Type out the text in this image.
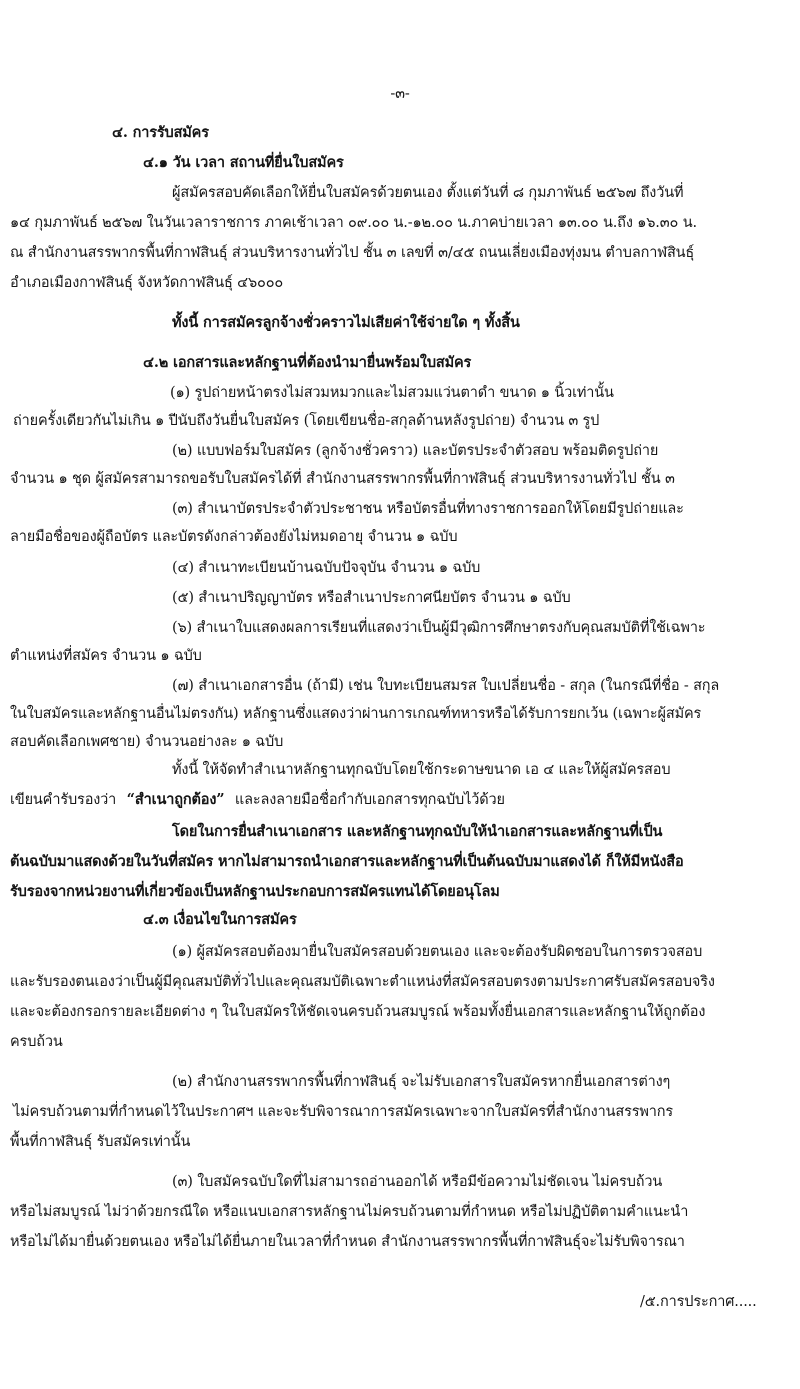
-๓-
๔. การรับสมัคร
๔.๑ วัน เวลา สถานที่ยื่นใบสมัคร
ผู้สมัครสอบคัดเลือกให้ยื่นใบสมัครด้วยตนเอง ตั้งแต่วันที่ ๘ กุมภาพันธ์ ๒๕๖๗ ถึงวันที่
๑๔ กุมภาพันธ์ ๒๕๖๗ ในวันเวลาราชการ ภาคเช้าเวลา ๐๙.๐๐ น.-๑๒.๐๐ น.ภาคบ่ายเวลา ๑๓.๐๐ น.ถึง ๑๖.๓๐ น.
ณ สำนักงานสรรพากรพื้นที่กาฬสินธุ์ ส่วนบริหารงานทั่วไป ชั้น ๓ เลขที่ ๓/๔๕ ถนนเลี่ยงเมืองทุ่งมน ตำบลกาฬสินธุ์
อำเภอเมืองกาฬสินธุ์ จังหวัดกาฬสินธุ์ ๔๖๐๐๐
ทั้งนี้ การสมัครลูกจ้างชั่วคราวไม่เสียค่าใช้จ่ายใด ๆ ทั้งสิ้น
๔.๒ เอกสารและหลักฐานที่ต้องนำมายื่นพร้อมใบสมัคร
(๑) รูปถ่ายหน้าตรงไม่สวมหมวกและไม่สวมแว่นตาดำ ขนาด ๑ นิ้วเท่านั้น
ถ่ายครั้งเดียวกันไม่เกิน ๑ ปีนับถึงวันยื่นใบสมัคร (โดยเขียนชื่อ-สกุลด้านหลังรูปถ่าย) จำนวน ๓ รูป
(๒) แบบฟอร์มใบสมัคร (ลูกจ้างชั่วคราว) และบัตรประจำตัวสอบ พร้อมติดรูปถ่าย
จำนวน ๑ ชุด ผู้สมัครสามารถขอรับใบสมัครได้ที่ สำนักงานสรรพากรพื้นที่กาฬสินธุ์ ส่วนบริหารงานทั่วไป ชั้น ๓
(๓) สำเนาบัตรประจำตัวประชาชน หรือบัตรอื่นที่ทางราชการออกให้โดยมีรูปถ่ายและ
ลายมือชื่อของผู้ถือบัตร และบัตรดังกล่าวต้องยังไม่หมดอายุ จำนวน ๑ ฉบับ
(๔) สำเนาทะเบียนบ้านฉบับปัจจุบัน จำนวน ๑ ฉบับ
(๕) สำเนาปริญญาบัตร หรือสำเนาประกาศนียบัตร จำนวน ๑ ฉบับ
(๖) สำเนาใบแสดงผลการเรียนที่แสดงว่าเป็นผู้มีวุฒิการศึกษาตรงกับคุณสมบัติที่ใช้เฉพาะ
ตำแหน่งที่สมัคร จำนวน ๑ ฉบับ
(๗) สำเนาเอกสารอื่น (ถ้ามี) เช่น ใบทะเบียนสมรส ใบเปลี่ยนชื่อ - สกุล (ในกรณีที่ชื่อ - สกุล
ในใบสมัครและหลักฐานอื่นไม่ตรงกัน) หลักฐานซึ่งแสดงว่าผ่านการเกณฑ์ทหารหรือได้รับการยกเว้น (เฉพาะผู้สมัคร
สอบคัดเลือกเพศชาย) จำนวนอย่างละ ๑ ฉบับ
ทั้งนี้ ให้จัดทำสำเนาหลักฐานทุกฉบับโดยใช้กระดาษขนาด เอ ๔ และให้ผู้สมัครสอบ
เขียนคำรับรองว่า “สำเนาถูกต้อง” และลงลายมือชื่อกำกับเอกสารทุกฉบับไว้ด้วย
โดยในการยื่นสำเนาเอกสาร และหลักฐานทุกฉบับให้นำเอกสารและหลักฐานที่เป็น
ต้นฉบับมาแสดงด้วยในวันที่สมัคร หากไม่สามารถนำเอกสารและหลักฐานที่เป็นต้นฉบับมาแสดงได้ ก็ให้มีหนังสือ
รับรองจากหน่วยงานที่เกี่ยวข้องเป็นหลักฐานประกอบการสมัครแทนได้โดยอนุโลม
๔.๓ เงื่อนไขในการสมัคร
(๑) ผู้สมัครสอบต้องมายื่นใบสมัครสอบด้วยตนเอง และจะต้องรับผิดชอบในการตรวจสอบ
และรับรองตนเองว่าเป็นผู้มีคุณสมบัติทั่วไปและคุณสมบัติเฉพาะตำแหน่งที่สมัครสอบตรงตามประกาศรับสมัครสอบจริง
และจะต้องกรอกรายละเอียดต่าง ๆ ในใบสมัครให้ชัดเจนครบถ้วนสมบูรณ์ พร้อมทั้งยื่นเอกสารและหลักฐานให้ถูกต้อง
ครบถ้วน
(๒) สำนักงานสรรพากรพื้นที่กาฬสินธุ์ จะไม่รับเอกสารใบสมัครหากยื่นเอกสารต่างๆ
ไม่ครบถ้วนตามที่กำหนดไว้ในประกาศฯ และจะรับพิจารณาการสมัครเฉพาะจากใบสมัครที่สำนักงานสรรพากร
พื้นที่กาฬสินธุ์ รับสมัครเท่านั้น
(๓) ใบสมัครฉบับใดที่ไม่สามารถอ่านออกได้ หรือมีข้อความไม่ชัดเจน ไม่ครบถ้วน
หรือไม่สมบูรณ์ ไม่ว่าด้วยกรณีใด หรือแนบเอกสารหลักฐานไม่ครบถ้วนตามที่กำหนด หรือไม่ปฏิบัติตามคำแนะนำ
หรือไม่ได้มายื่นด้วยตนเอง หรือไม่ได้ยื่นภายในเวลาที่กำหนด สำนักงานสรรพากรพื้นที่กาฬสินธุ์จะไม่รับพิจารณา
/๕.การประกาศ.....
